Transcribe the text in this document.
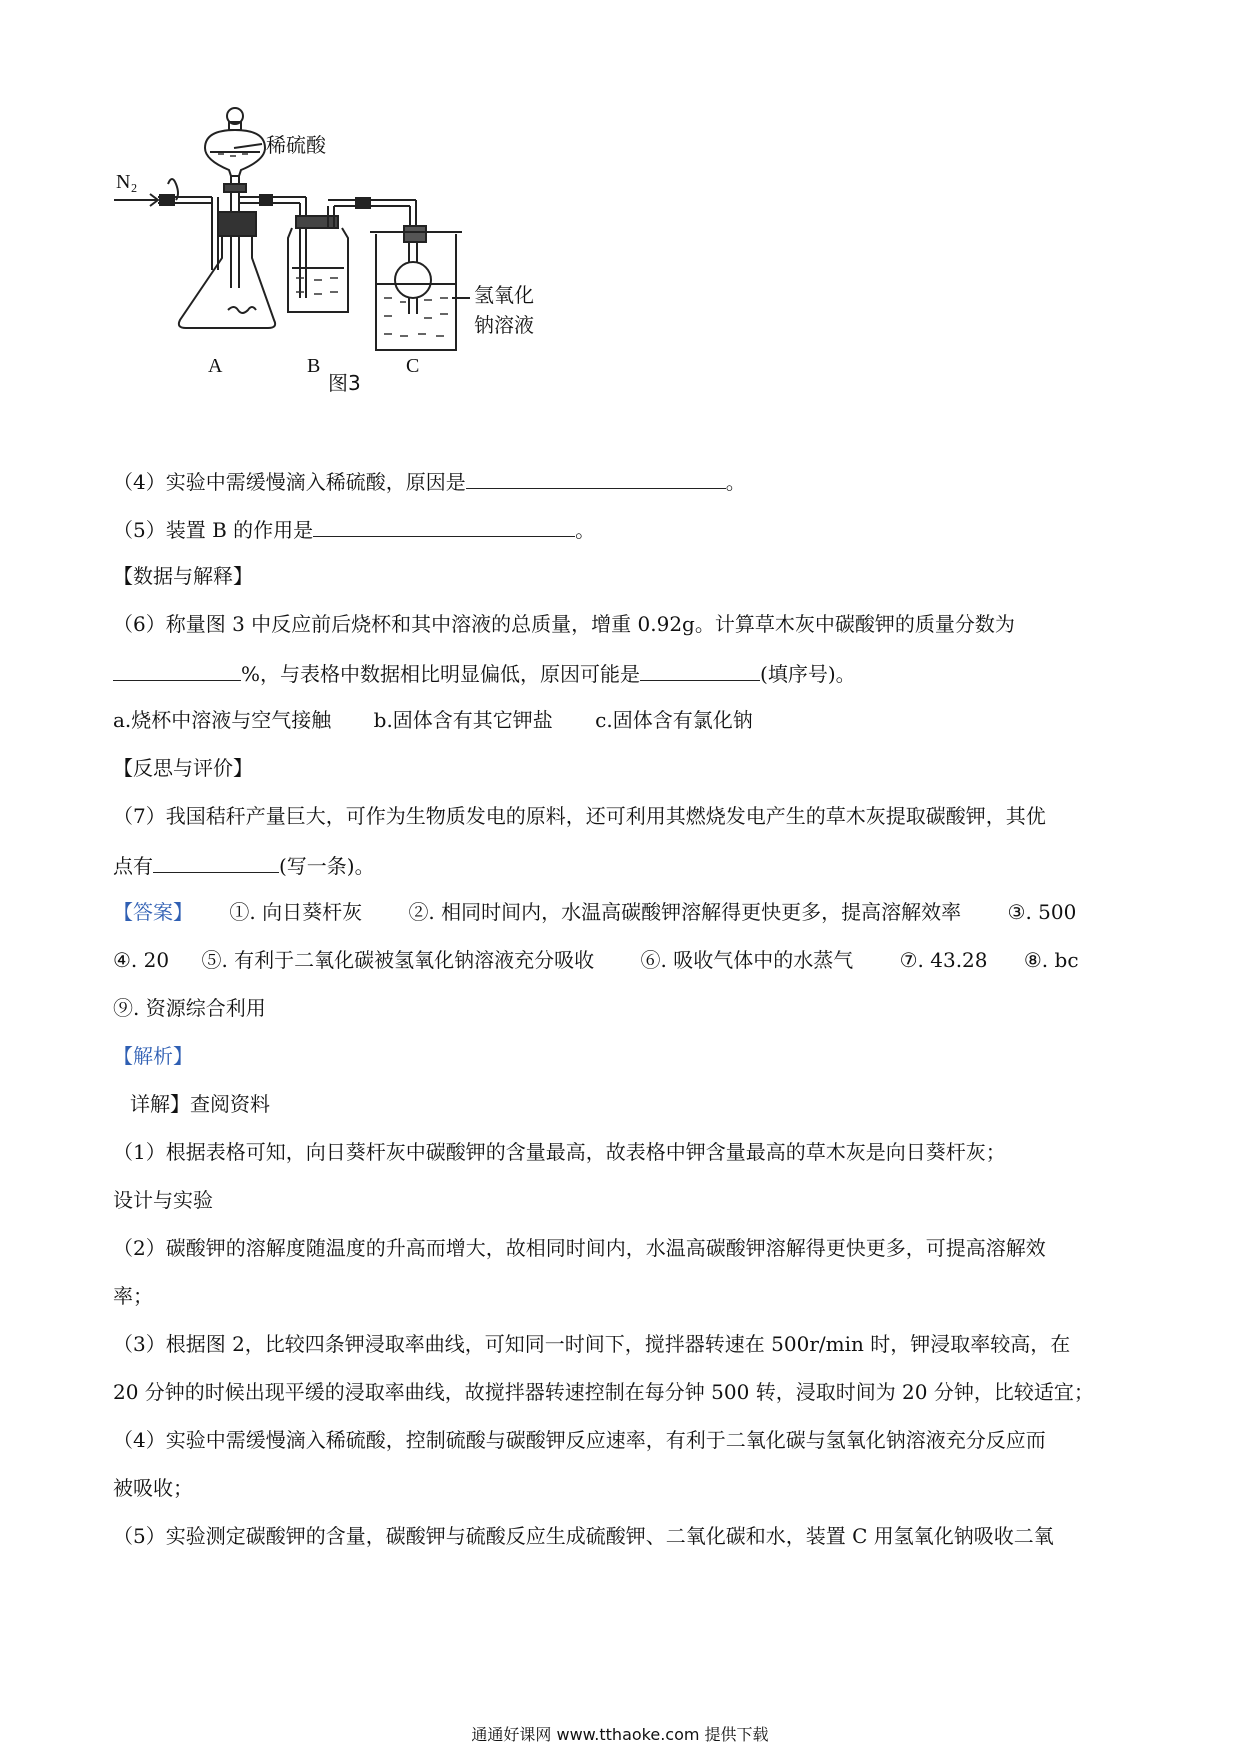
N₂
稀硫酸
氢氧化
钠溶液
A	B	C
图3
（4）实验中需缓慢滴入稀硫酸，原因是	。
（5）装置 B 的作用是	。
【数据与解释】
（6）称量图 3 中反应前后烧杯和其中溶液的总质量，增重 0.92g。计算草木灰中碳酸钾的质量分数为
%，与表格中数据相比明显偏低，原因可能是	(填序号)。
a.烧杯中溶液与空气接触 b.固体含有其它钾盐 c.固体含有氯化钠
【反思与评价】
（7）我国秸秆产量巨大，可作为生物质发电的原料，还可利用其燃烧发电产生的草木灰提取碳酸钾，其优
点有	(写一条)。
【答案】 ①. 向日葵杆灰 ②. 相同时间内，水温高碳酸钾溶解得更快更多，提高溶解效率 ③. 500
④. 20 ⑤. 有利于二氧化碳被氢氧化钠溶液充分吸收 ⑥. 吸收气体中的水蒸气 ⑦. 43.28 ⑧. bc
⑨. 资源综合利用
【解析】
详解】查阅资料
（1）根据表格可知，向日葵杆灰中碳酸钾的含量最高，故表格中钾含量最高的草木灰是向日葵杆灰；
设计与实验
（2）碳酸钾的溶解度随温度的升高而增大，故相同时间内，水温高碳酸钾溶解得更快更多，可提高溶解效
率；
（3）根据图 2，比较四条钾浸取率曲线，可知同一时间下，搅拌器转速在 500r/min 时，钾浸取率较高，在
20 分钟的时候出现平缓的浸取率曲线，故搅拌器转速控制在每分钟 500 转，浸取时间为 20 分钟，比较适宜；
（4）实验中需缓慢滴入稀硫酸，控制硫酸与碳酸钾反应速率，有利于二氧化碳与氢氧化钠溶液充分反应而
被吸收；
（5）实验测定碳酸钾的含量，碳酸钾与硫酸反应生成硫酸钾、二氧化碳和水，装置 C 用氢氧化钠吸收二氧
通通好课网 www.tthaoke.com 提供下载
